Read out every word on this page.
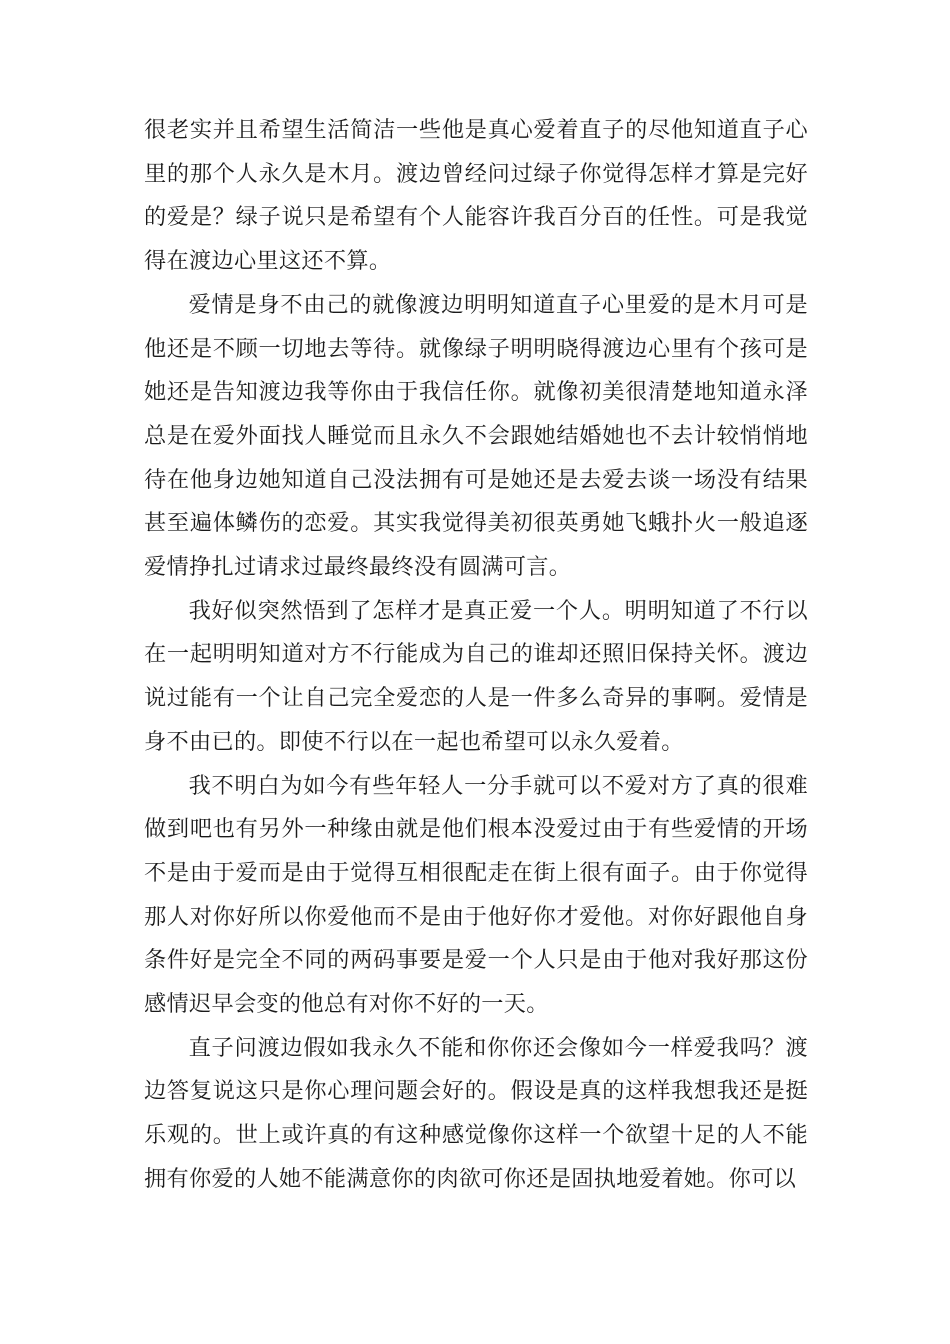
很老实并且希望生活简洁一些他是真心爱着直子的尽他知道直子心里的那个人永久是木月。渡边曾经问过绿子你觉得怎样才算是完好的爱是？绿子说只是希望有个人能容许我百分百的任性。可是我觉得在渡边心里这还不算。

爱情是身不由己的就像渡边明明知道直子心里爱的是木月可是他还是不顾一切地去等待。就像绿子明明晓得渡边心里有个孩可是她还是告知渡边我等你由于我信任你。就像初美很清楚地知道永泽总是在爱外面找人睡觉而且永久不会跟她结婚她也不去计较悄悄地待在他身边她知道自己没法拥有可是她还是去爱去谈一场没有结果甚至遍体鳞伤的恋爱。其实我觉得美初很英勇她飞蛾扑火一般追逐爱情挣扎过请求过最终最终没有圆满可言。

我好似突然悟到了怎样才是真正爱一个人。明明知道了不行以在一起明明知道对方不行能成为自己的谁却还照旧保持关怀。渡边说过能有一个让自己完全爱恋的人是一件多么奇异的事啊。爱情是身不由已的。即使不行以在一起也希望可以永久爱着。

我不明白为如今有些年轻人一分手就可以不爱对方了真的很难做到吧也有另外一种缘由就是他们根本没爱过由于有些爱情的开场不是由于爱而是由于觉得互相很配走在街上很有面子。由于你觉得那人对你好所以你爱他而不是由于他好你才爱他。对你好跟他自身条件好是完全不同的两码事要是爱一个人只是由于他对我好那这份感情迟早会变的他总有对你不好的一天。

直子问渡边假如我永久不能和你你还会像如今一样爱我吗？渡边答复说这只是你心理问题会好的。假设是真的这样我想我还是挺乐观的。世上或许真的有这种感觉像你这样一个欲望十足的人不能拥有你爱的人她不能满意你的肉欲可你还是固执地爱着她。你可以
